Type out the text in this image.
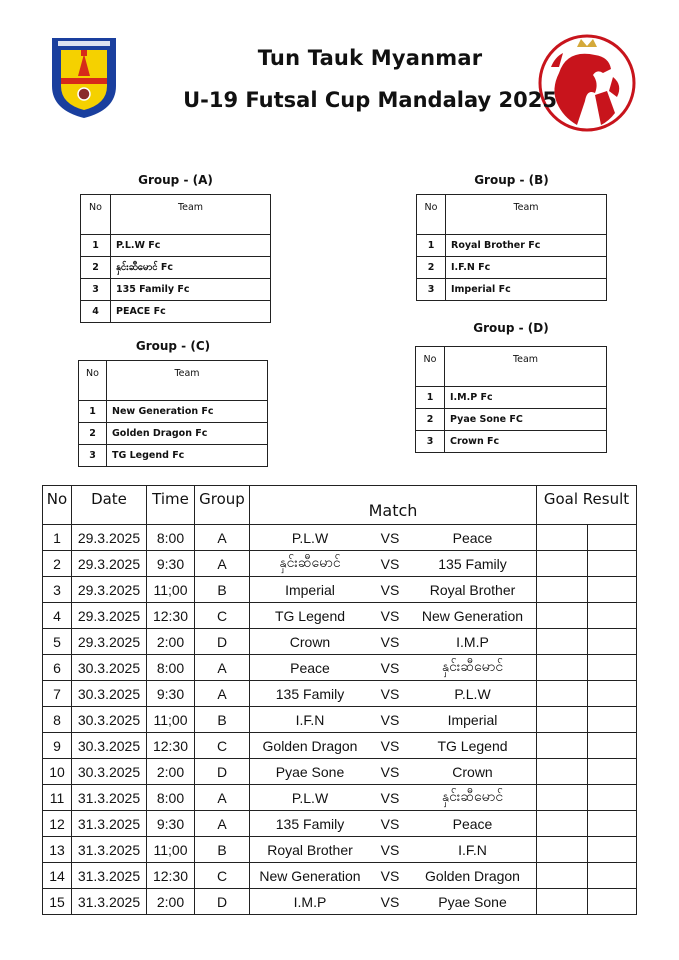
Tun Tauk Myanmar
U-19 Futsal Cup Mandalay 2025
Group - (A)
No	Team
1	P.L.W Fc
2	နှင်းဆီမောင် Fc
3	135 Family Fc
4	PEACE Fc
Group - (B)
No	Team
1	Royal Brother Fc
2	I.F.N Fc
3	Imperial Fc
Group - (C)
No	Team
1	New Generation Fc
2	Golden Dragon Fc
3	TG Legend Fc
Group - (D)
No	Team
1	I.M.P Fc
2	Pyae Sone FC
3	Crown Fc
No	Date	Time	Group	Match	Goal Result	
1	29.3.2025	8:00	A	P.L.W VS Peace		

2	29.3.2025	9:30	A	နှင်းဆီမောင် VS 135 Family		

3	29.3.2025	11;00	B	Imperial VS Royal Brother		

4	29.3.2025	12:30	C	TG Legend VS New Generation		

5	29.3.2025	2:00	D	Crown VS I.M.P		

6	30.3.2025	8:00	A	Peace VS နှင်းဆီမောင်		

7	30.3.2025	9:30	A	135 Family VS P.L.W		

8	30.3.2025	11;00	B	I.F.N VS Imperial		

9	30.3.2025	12:30	C	Golden Dragon VS TG Legend		

10	30.3.2025	2:00	D	Pyae Sone VS Crown		

11	31.3.2025	8:00	A	P.L.W VS နှင်းဆီမောင်		

12	31.3.2025	9:30	A	135 Family VS Peace		

13	31.3.2025	11;00	B	Royal Brother VS I.F.N		

14	31.3.2025	12:30	C	New Generation VS Golden Dragon		

15	31.3.2025	2:00	D	I.M.P VS Pyae Sone		
